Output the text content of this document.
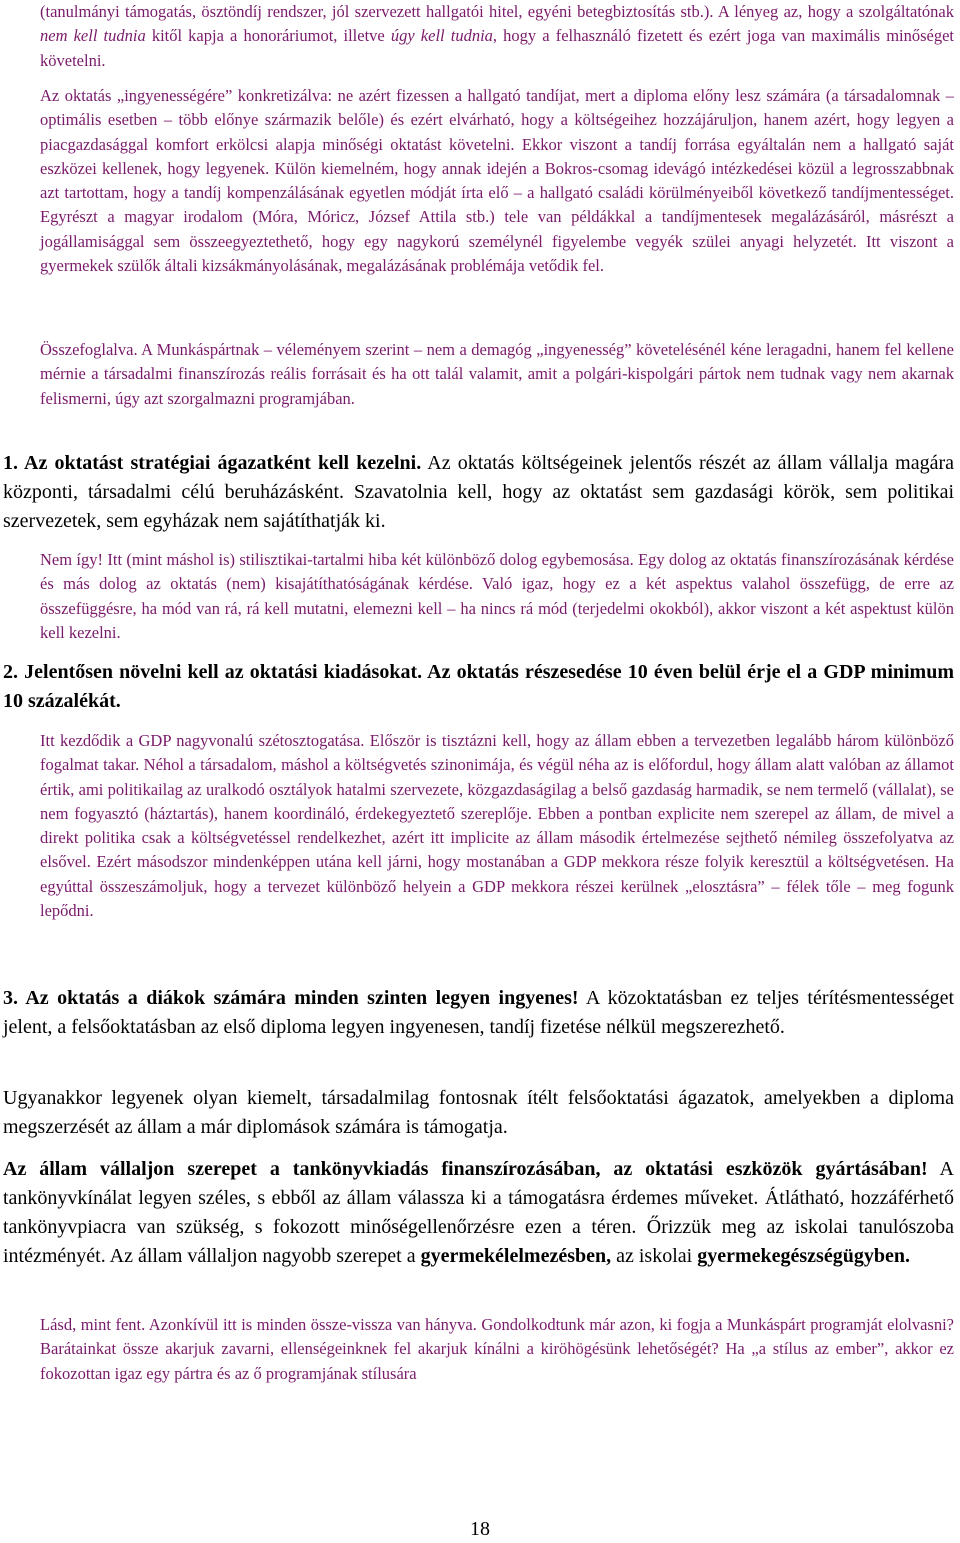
(tanulmányi támogatás, ösztöndíj rendszer, jól szervezett hallgatói hitel, egyéni betegbiztosítás stb.). A lényeg az, hogy a szolgáltatónak nem kell tudnia kitől kapja a honoráriumot, illetve úgy kell tudnia, hogy a felhasználó fizetett és ezért joga van maximális minőséget követelni.

Az oktatás „ingyenességére” konkretizálva: ne azért fizessen a hallgató tandíjat, mert a diploma előny lesz számára (a társadalomnak – optimális esetben – több előnye származik belőle) és ezért elvárható, hogy a költségeihez hozzájáruljon, hanem azért, hogy legyen a piacgazdasággal komfort erkölcsi alapja minőségi oktatást követelni. Ekkor viszont a tandíj forrása egyáltalán nem a hallgató saját eszközei kellenek, hogy legyenek. Külön kiemelném, hogy annak idején a Bokros-csomag idevágó intézkedései közül a legrosszabbnak azt tartottam, hogy a tandíj kompenzálásának egyetlen módját írta elő – a hallgató családi körülményeiből következő tandíjmentességet. Egyrészt a magyar irodalom (Móra, Móricz, József Attila stb.) tele van példákkal a tandíjmentesek megalázásáról, másrészt a jogállamisággal sem összeegyeztethető, hogy egy nagykorú személynél figyelembe vegyék szülei anyagi helyzetét. Itt viszont a gyermekek szülők általi kizsákmányolásának, megalázásának problémája vetődik fel.

Összefoglalva. A Munkáspártnak – véleményem szerint – nem a demagóg „ingyenesség” követelésénél kéne leragadni, hanem fel kellene mérnie a társadalmi finanszírozás reális forrásait és ha ott talál valamit, amit a polgári-kispolgári pártok nem tudnak vagy nem akarnak felismerni, úgy azt szorgalmazni programjában.

1. Az oktatást stratégiai ágazatként kell kezelni. Az oktatás költségeinek jelentős részét az állam vállalja magára központi, társadalmi célú beruházásként. Szavatolnia kell, hogy az oktatást sem gazdasági körök, sem politikai szervezetek, sem egyházak nem sajátíthatják ki.

Nem így! Itt (mint máshol is) stilisztikai-tartalmi hiba két különböző dolog egybemosása. Egy dolog az oktatás finanszírozásának kérdése és más dolog az oktatás (nem) kisajátíthatóságának kérdése. Való igaz, hogy ez a két aspektus valahol összefügg, de erre az összefüggésre, ha mód van rá, rá kell mutatni, elemezni kell – ha nincs rá mód (terjedelmi okokból), akkor viszont a két aspektust külön kell kezelni.

2. Jelentősen növelni kell az oktatási kiadásokat. Az oktatás részesedése 10 éven belül érje el a GDP minimum 10 százalékát.

Itt kezdődik a GDP nagyvonalú szétosztogatása. Először is tisztázni kell, hogy az állam ebben a tervezetben legalább három különböző fogalmat takar. Néhol a társadalom, máshol a költségvetés szinonimája, és végül néha az is előfordul, hogy állam alatt valóban az államot értik, ami politikailag az uralkodó osztályok hatalmi szervezete, közgazdaságilag a belső gazdaság harmadik, se nem termelő (vállalat), se nem fogyasztó (háztartás), hanem koordináló, érdekegyeztető szereplője. Ebben a pontban explicite nem szerepel az állam, de mivel a direkt politika csak a költségvetéssel rendelkezhet, azért itt implicite az állam második értelmezése sejthető némileg összefolyatva az elsővel. Ezért másodszor mindenképpen utána kell járni, hogy mostanában a GDP mekkora része folyik keresztül a költségvetésen. Ha egyúttal összeszámoljuk, hogy a tervezet különböző helyein a GDP mekkora részei kerülnek „elosztásra” – félek tőle – meg fogunk lepődni.

3. Az oktatás a diákok számára minden szinten legyen ingyenes! A közoktatásban ez teljes térítésmentességet jelent, a felsőoktatásban az első diploma legyen ingyenesen, tandíj fizetése nélkül megszerezhető.

Ugyanakkor legyenek olyan kiemelt, társadalmilag fontosnak ítélt felsőoktatási ágazatok, amelyekben a diploma megszerzését az állam a már diplomások számára is támogatja.

Az állam vállaljon szerepet a tankönyvkiadás finanszírozásában, az oktatási eszközök gyártásában! A tankönyvkínálat legyen széles, s ebből az állam válassza ki a támogatásra érdemes műveket. Átlátható, hozzáférhető tankönyvpiacra van szükség, s fokozott minőségellenőrzésre ezen a téren. Őrizzük meg az iskolai tanulószoba intézményét. Az állam vállaljon nagyobb szerepet a gyermekélelmezésben, az iskolai gyermekegészségügyben.

Lásd, mint fent. Azonkívül itt is minden össze-vissza van hányva. Gondolkodtunk már azon, ki fogja a Munkáspárt programját elolvasni? Barátainkat össze akarjuk zavarni, ellenségeinknek fel akarjuk kínálni a kiröhögésünk lehetőségét? Ha „a stílus az ember”, akkor ez fokozottan igaz egy pártra és az ő programjának stílusára

18
